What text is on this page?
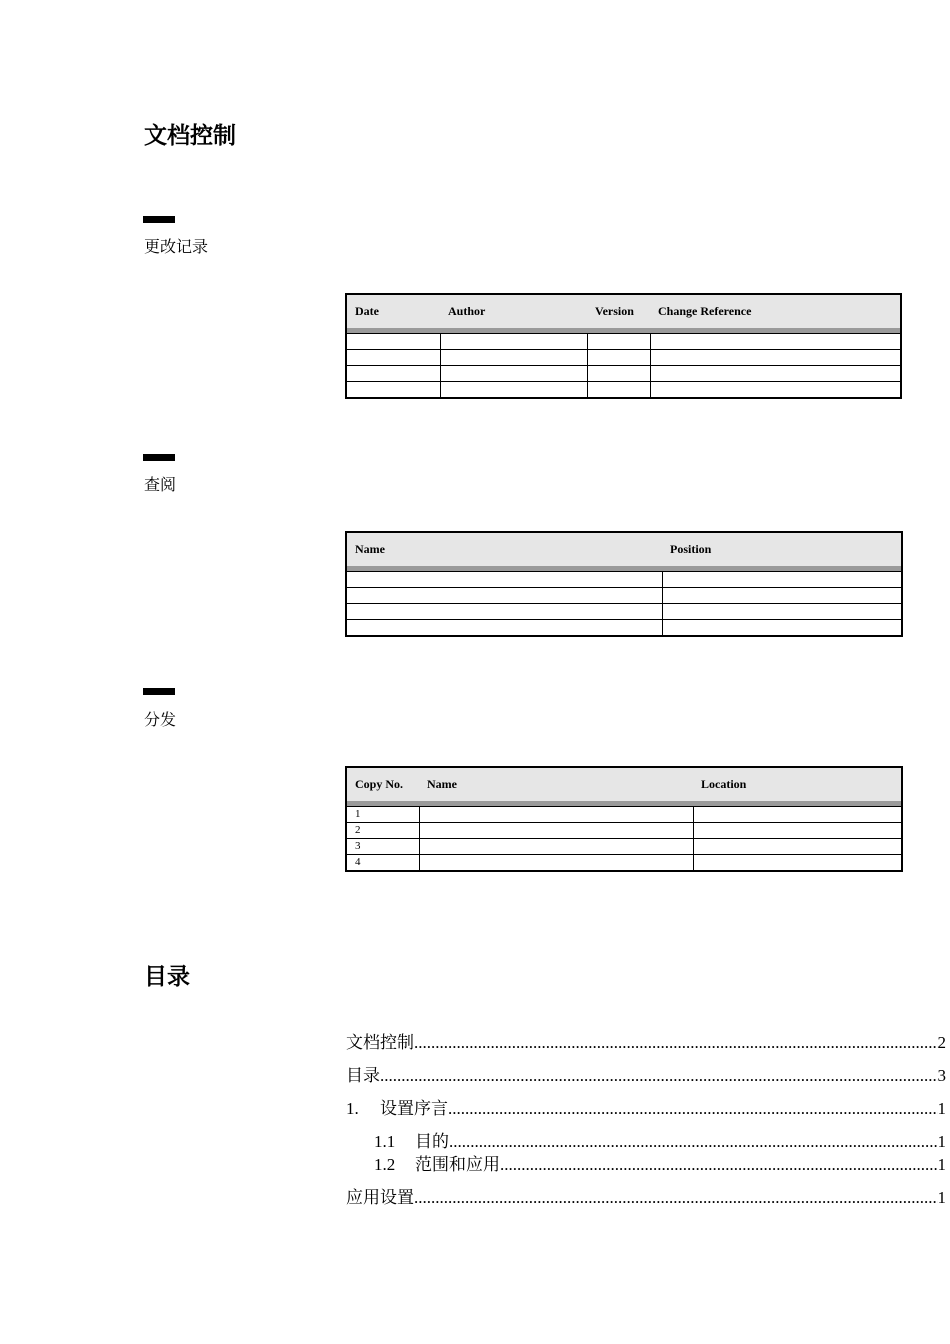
文档控制
更改记录
Date	Author	Version	Change Reference

查阅
Name	Position

分发
Copy No.	Name	Location

1		
2		
3		
4		
目录
文档控制 .....	2
目录 .....	3
1.	设置序言 .....	1
1.1	目的 .....	1
1.2	范围和应用 .....	1
应用设置 .....	1
